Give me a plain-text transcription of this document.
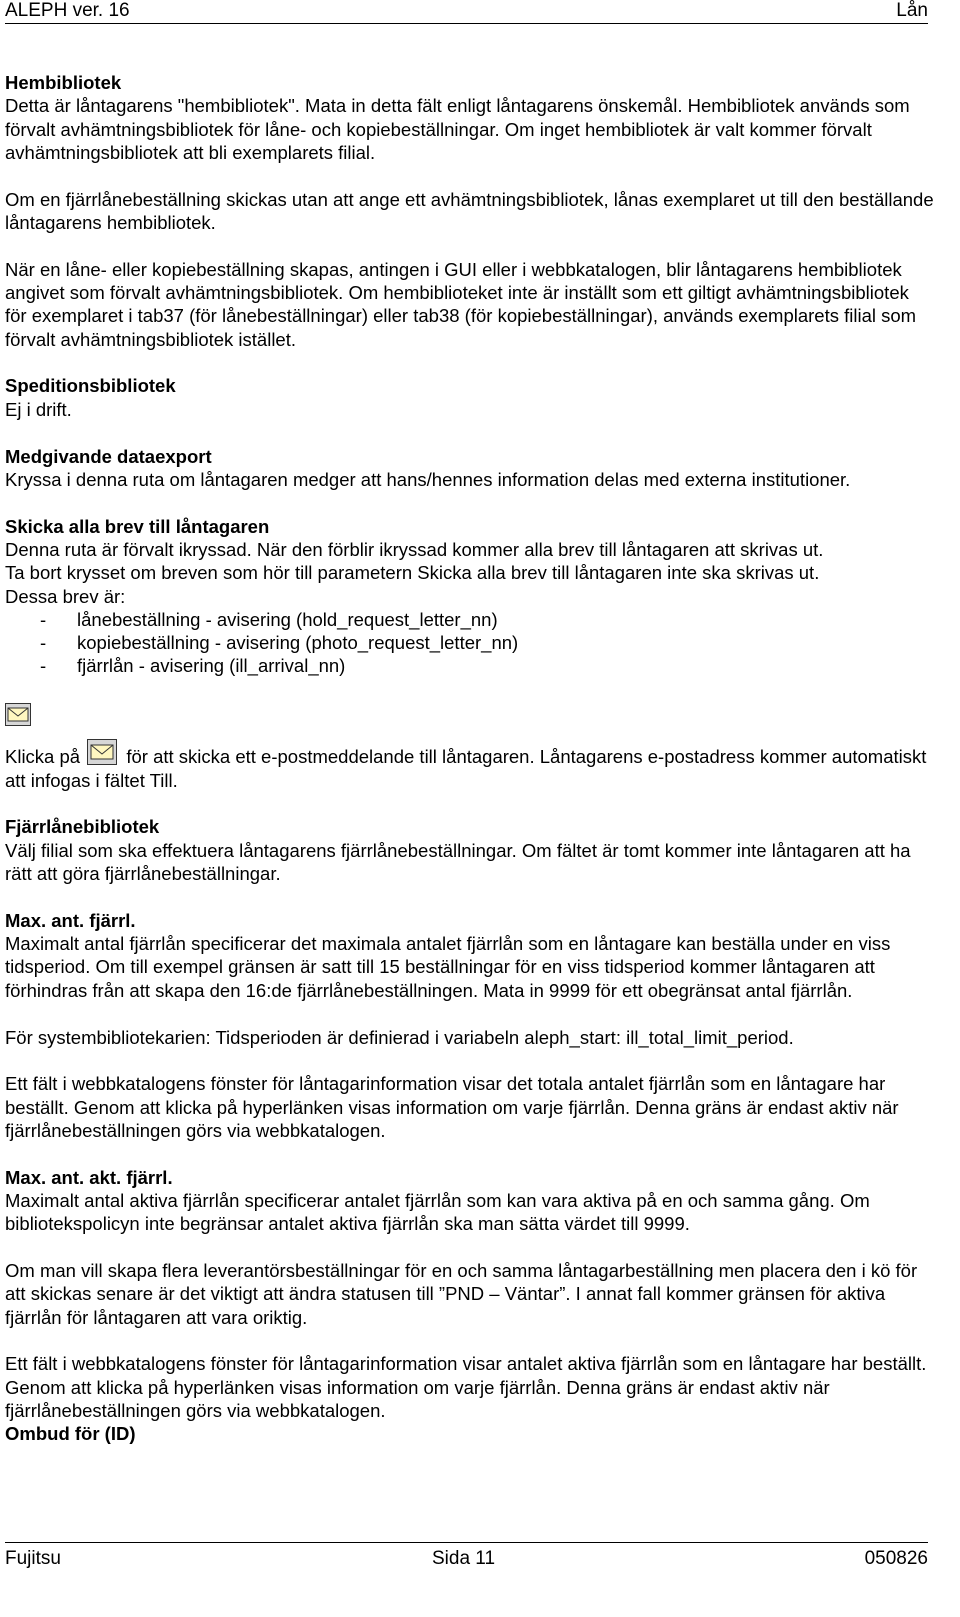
ALEPH ver. 16	Lån

Hembibliotek

Detta är låntagarens "hembibliotek". Mata in detta fält enligt låntagarens önskemål. Hembibliotek används som förvalt avhämtningsbibliotek för låne- och kopiebeställningar. Om inget hembibliotek är valt kommer förvalt avhämtningsbibliotek att bli exemplarets filial.

Om en fjärrlånebeställning skickas utan att ange ett avhämtningsbibliotek, lånas exemplaret ut till den beställande låntagarens hembibliotek.

När en låne- eller kopiebeställning skapas, antingen i GUI eller i webbkatalogen, blir låntagarens hembibliotek angivet som förvalt avhämtningsbibliotek. Om hembiblioteket inte är inställt som ett giltigt avhämtningsbibliotek för exemplaret i tab37 (för lånebeställningar) eller tab38 (för kopiebeställningar), används exemplarets filial som förvalt avhämtningsbibliotek istället.

Speditionsbibliotek

Ej i drift.

Medgivande dataexport

Kryssa i denna ruta om låntagaren medger att hans/hennes information delas med externa institutioner.

Skicka alla brev till låntagaren

Denna ruta är förvalt ikryssad. När den förblir ikryssad kommer alla brev till låntagaren att skrivas ut.

Ta bort krysset om breven som hör till parametern Skicka alla brev till låntagaren inte ska skrivas ut.

Dessa brev är:

- lånebeställning - avisering (hold_request_letter_nn)
- kopiebeställning - avisering (photo_request_letter_nn)
- fjärrlån - avisering (ill_arrival_nn)

Klicka på	för att skicka ett e-postmeddelande till låntagaren. Låntagarens e-postadress kommer automatiskt att infogas i fältet Till.

Fjärrlånebibliotek

Välj filial som ska effektuera låntagarens fjärrlånebeställningar. Om fältet är tomt kommer inte låntagaren att ha rätt att göra fjärrlånebeställningar.

Max. ant. fjärrl.

Maximalt antal fjärrlån specificerar det maximala antalet fjärrlån som en låntagare kan beställa under en viss tidsperiod. Om till exempel gränsen är satt till 15 beställningar för en viss tidsperiod kommer låntagaren att förhindras från att skapa den 16:de fjärrlånebeställningen. Mata in 9999 för ett obegränsat antal fjärrlån.

För systembibliotekarien: Tidsperioden är definierad i variabeln aleph_start: ill_total_limit_period.

Ett fält i webbkatalogens fönster för låntagarinformation visar det totala antalet fjärrlån som en låntagare har beställt. Genom att klicka på hyperlänken visas information om varje fjärrlån. Denna gräns är endast aktiv när fjärrlånebeställningen görs via webbkatalogen.

Max. ant. akt. fjärrl.

Maximalt antal aktiva fjärrlån specificerar antalet fjärrlån som kan vara aktiva på en och samma gång. Om bibliotekspolicyn inte begränsar antalet aktiva fjärrlån ska man sätta värdet till 9999.

Om man vill skapa flera leverantörsbeställningar för en och samma låntagarbeställning men placera den i kö för att skickas senare är det viktigt att ändra statusen till ”PND – Väntar”. I annat fall kommer gränsen för aktiva fjärrlån för låntagaren att vara oriktig.

Ett fält i webbkatalogens fönster för låntagarinformation visar antalet aktiva fjärrlån som en låntagare har beställt. Genom att klicka på hyperlänken visas information om varje fjärrlån. Denna gräns är endast aktiv när fjärrlånebeställningen görs via webbkatalogen.

Ombud för (ID)

Fujitsu	Sida 11	050826
